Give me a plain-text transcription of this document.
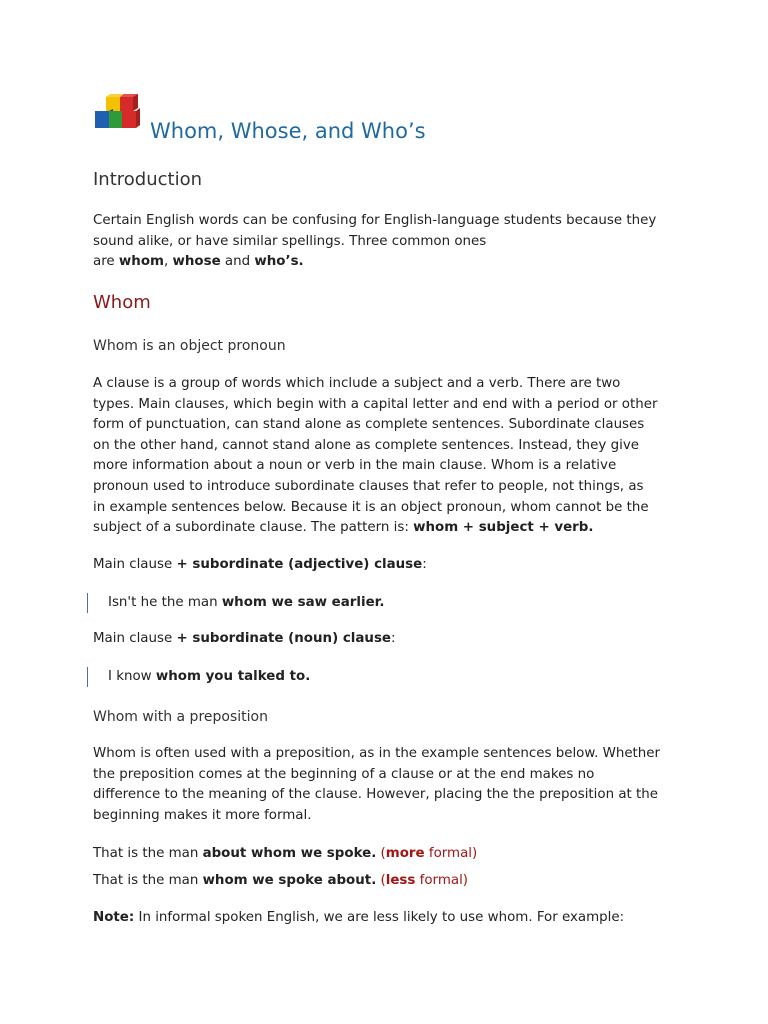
Whom, Whose, and Who’s
Introduction

Certain English words can be confusing for English-language students because they
sound alike, or have similar spellings. Three common ones
are whom, whose and who’s.

Whom
Whom is an object pronoun

A clause is a group of words which include a subject and a verb. There are two
types. Main clauses, which begin with a capital letter and end with a period or other
form of punctuation, can stand alone as complete sentences. Subordinate clauses
on the other hand, cannot stand alone as complete sentences. Instead, they give
more information about a noun or verb in the main clause. Whom is a relative
pronoun used to introduce subordinate clauses that refer to people, not things, as
in example sentences below. Because it is an object pronoun, whom cannot be the
subject of a subordinate clause. The pattern is: whom + subject + verb.

Main clause + subordinate (adjective) clause:
Isn't he the man whom we saw earlier.
Main clause + subordinate (noun) clause:
I know whom you talked to.
Whom with a preposition

Whom is often used with a preposition, as in the example sentences below. Whether
the preposition comes at the beginning of a clause or at the end makes no
difference to the meaning of the clause. However, placing the the preposition at the
beginning makes it more formal.

That is the man about whom we spoke. (more formal)
That is the man whom we spoke about. (less formal)
Note: In informal spoken English, we are less likely to use whom. For example:
